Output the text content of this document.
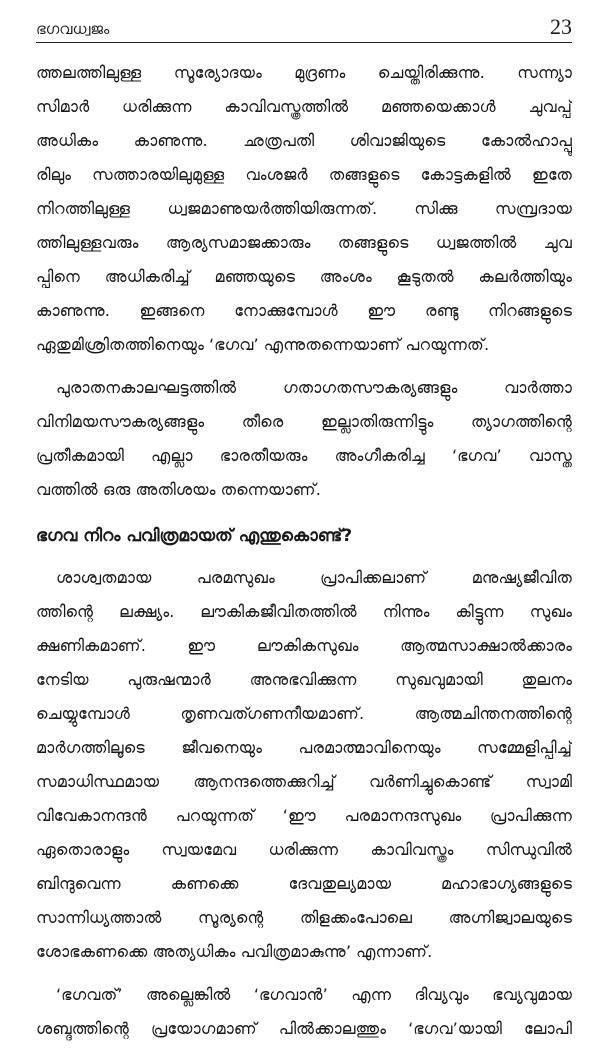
ഭഗവധ്വജം	23
ത്തലത്തിലുള്ള സൂര്യോദയം മുദ്രണം ചെയ്തിരിക്കുന്നു. സന്ന്യാ
സിമാർ ധരിക്കുന്ന കാവിവസ്ത്രത്തിൽ മഞ്ഞയെക്കാൾ ചുവപ്പ്
അധികം കാണുന്നു. ഛത്രപതി ശിവാജിയുടെ കോൽഹാപ്പൂ
രിലും സത്താരയിലുമുള്ള വംശജർ തങ്ങളുടെ കോട്ടകളിൽ ഇതേ
നിറത്തിലുള്ള ധ്വജമാണുയർത്തിയിരുന്നത്. സിക്കു സമ്പ്രദായ
ത്തിലുള്ളവരും ആര്യസമാജക്കാരും തങ്ങളുടെ ധ്വജത്തിൽ ചുവ
പ്പിനെ അധികരിച്ച് മഞ്ഞയുടെ അംശം കൂടുതൽ കലർത്തിയും
കാണുന്നു. ഇങ്ങനെ നോക്കുമ്പോൾ ഈ രണ്ടു നിറങ്ങളുടെ
ഏതുമിശ്രിതത്തിനെയും ‘ഭഗവ’ എന്നുതന്നെയാണ് പറയുന്നത്.
പുരാതനകാലഘട്ടത്തിൽ ഗതാഗതസൗകര്യങ്ങളും വാർത്താ
വിനിമയസൗകര്യങ്ങളും തീരെ ഇല്ലാതിരുന്നിട്ടും ത്യാഗത്തിന്റെ
പ്രതീകമായി എല്ലാ ഭാരതീയരും അംഗീകരിച്ച ‘ഭഗവ’ വാസ്ത
വത്തിൽ ഒരു അതിശയം തന്നെയാണ്.
ഭഗവ നിറം പവിത്രമായത് എന്തുകൊണ്ട്?
ശാശ്വതമായ പരമസുഖം പ്രാപിക്കലാണ് മനുഷ്യജീവിത
ത്തിന്റെ ലക്ഷ്യം. ലൗകികജീവിതത്തിൽ നിന്നും കിട്ടുന്ന സുഖം
ക്ഷണികമാണ്. ഈ ലൗകികസുഖം ആത്മസാക്ഷാൽക്കാരം
നേടിയ പുരുഷന്മാർ അനുഭവിക്കുന്ന സുഖവുമായി തുലനം
ചെയ്യുമ്പോൾ തൃണവത്ഗണനീയമാണ്. ആത്മചിന്തനത്തിന്റെ
മാർഗത്തിലൂടെ ജീവനെയും പരമാത്മാവിനെയും സമ്മേളിപ്പിച്ച്
സമാധിസ്ഥമായ ആനന്ദത്തെക്കുറിച്ച് വർണിച്ചുകൊണ്ട് സ്വാമി
വിവേകാനന്ദൻ പറയുന്നത് ‘ഈ പരമാനന്ദസുഖം പ്രാപിക്കുന്ന
ഏതൊരാളും സ്വയമേവ ധരിക്കുന്ന കാവിവസ്ത്രം സിന്ധുവിൽ
ബിന്ദുവെന്ന കണക്കെ ദേവതുല്യമായ മഹാഭാഗ്യങ്ങളുടെ
സാന്നിധ്യത്താൽ സൂര്യന്റെ തിളക്കംപോലെ അഗ്നിജ്വാലയുടെ
ശോഭകണക്കെ അത്യധികം പവിത്രമാകുന്നു’ എന്നാണ്.
‘ഭഗവത്’ അല്ലെങ്കിൽ ‘ഭഗവാൻ’ എന്ന ദിവ്യവും ഭവ്യവുമായ
ശബ്ദത്തിന്റെ പ്രയോഗമാണ് പിൽക്കാലത്തും ‘ഭഗവ’യായി ലോപി
